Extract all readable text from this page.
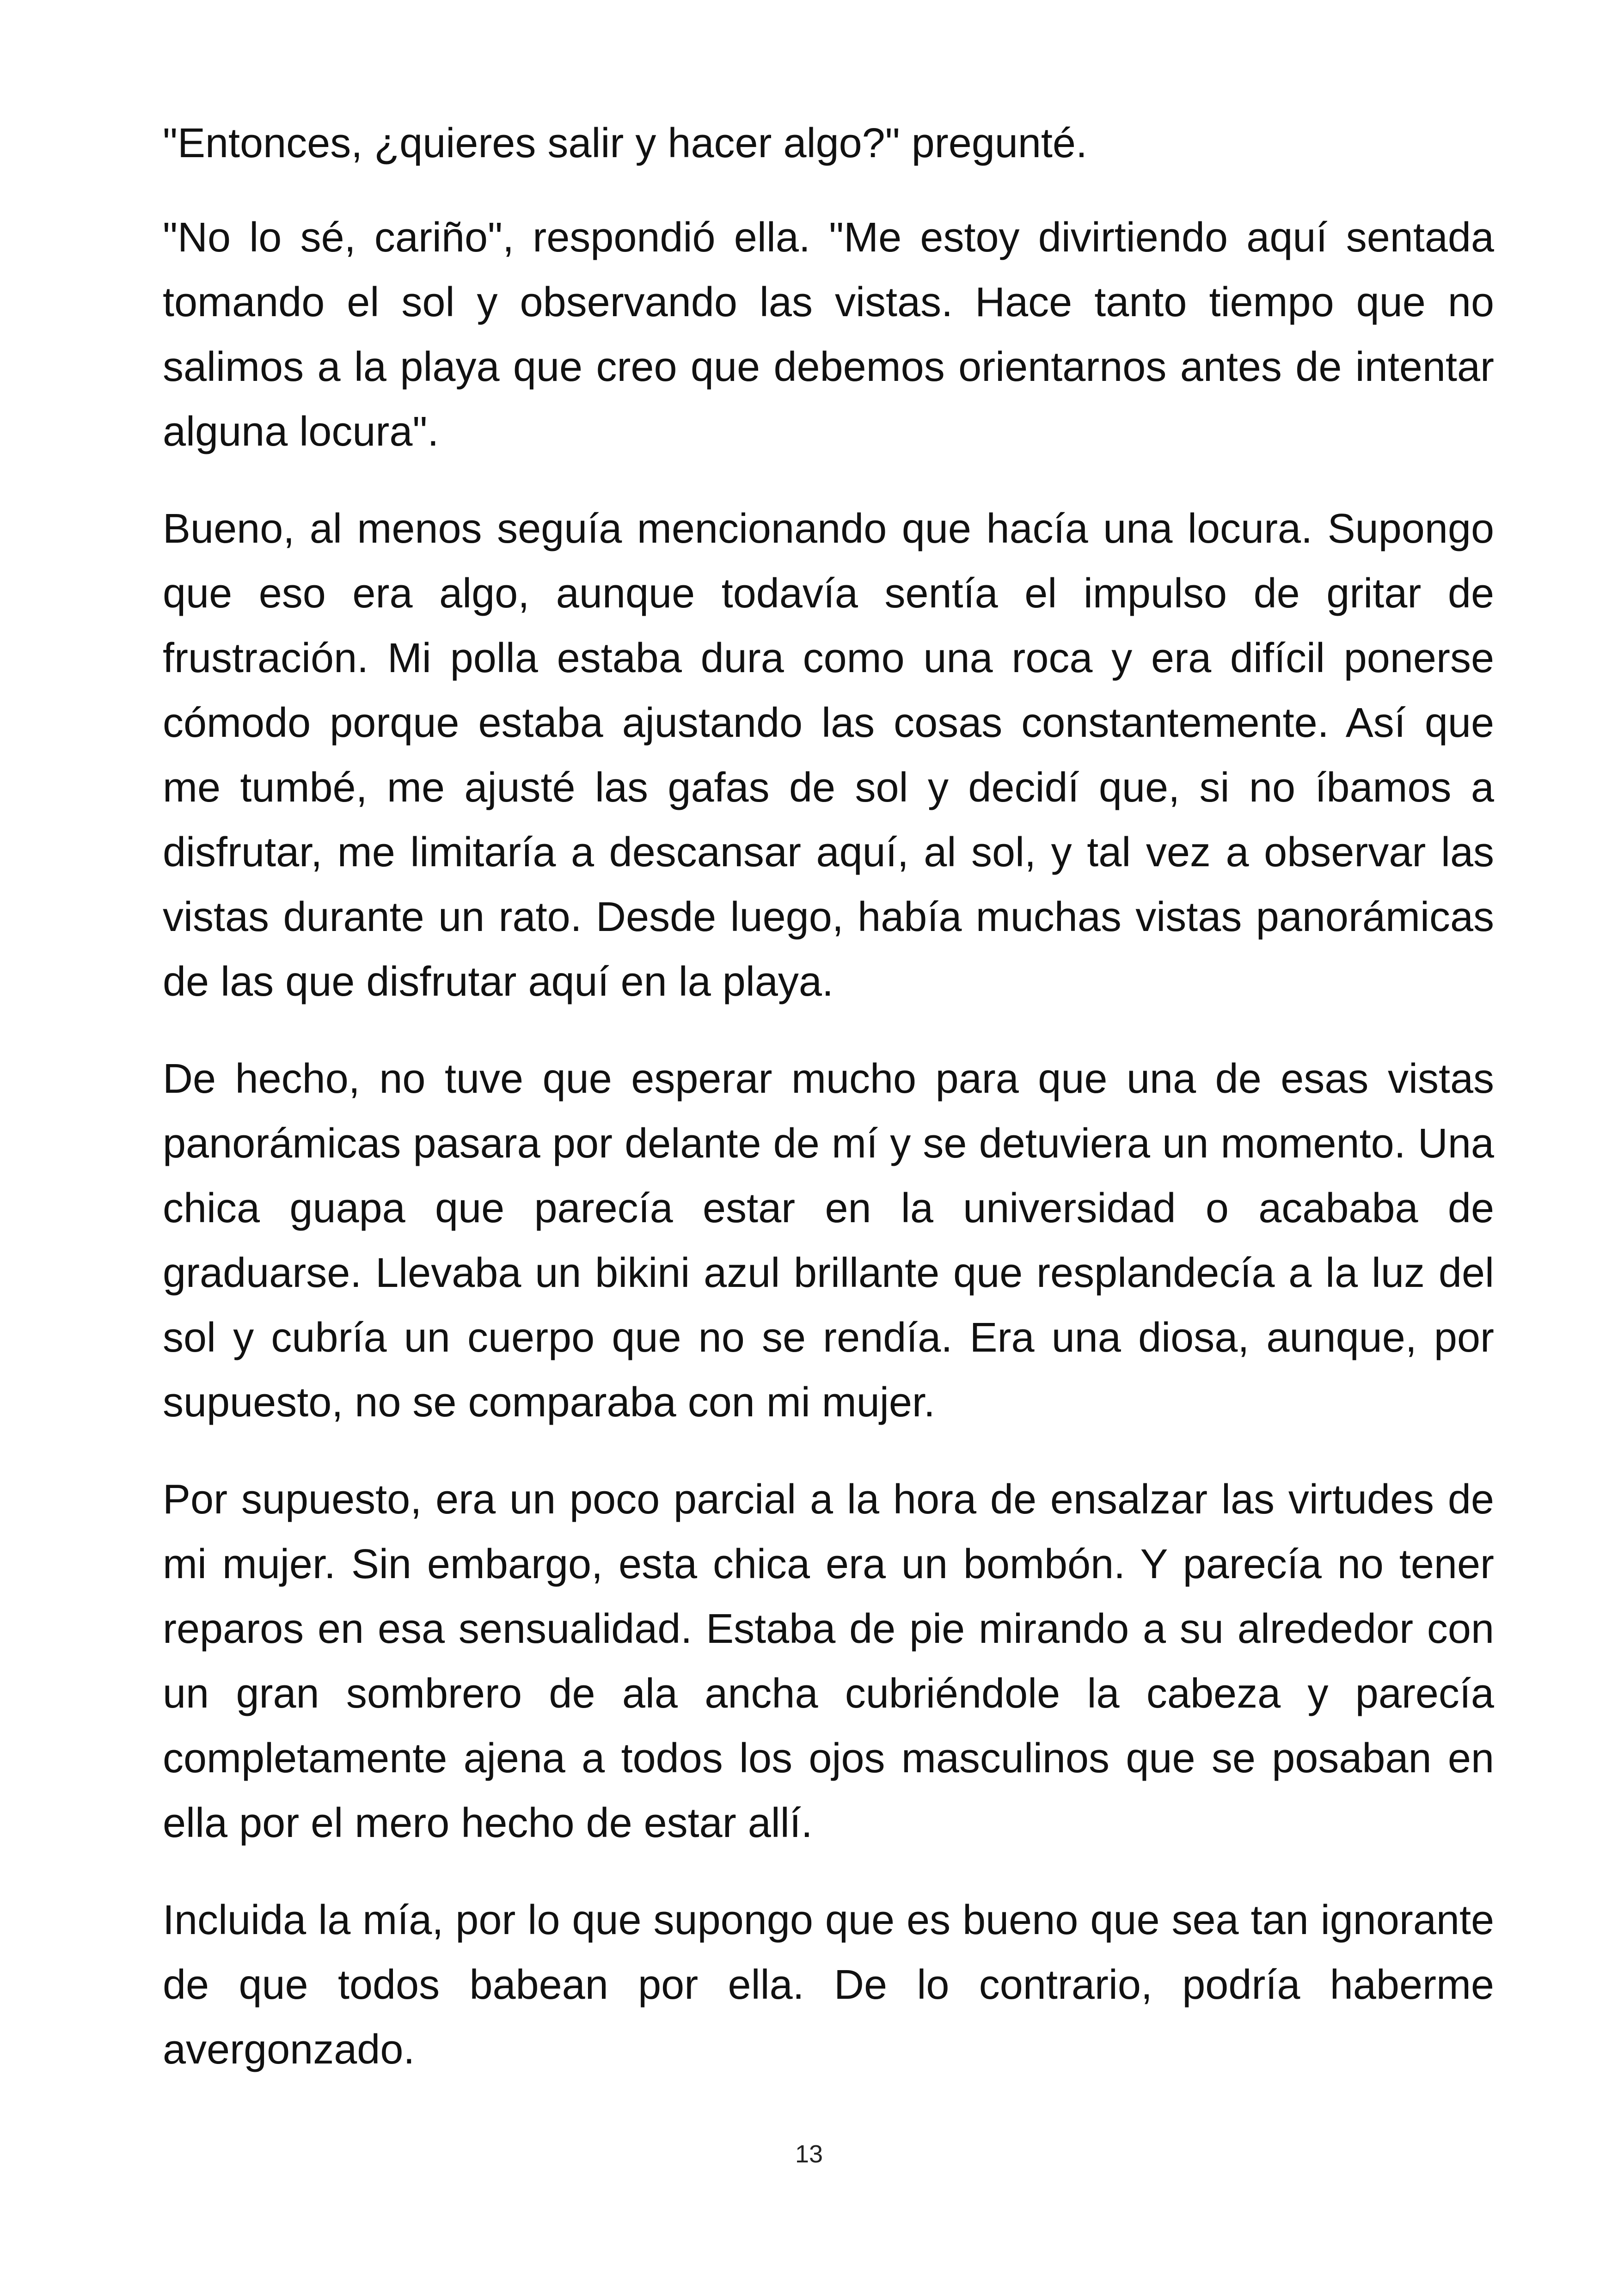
"Entonces, ¿quieres salir y hacer algo?" pregunté.

"No lo sé, cariño", respondió ella. "Me estoy divirtiendo aquí sentada tomando el sol y observando las vistas. Hace tanto tiempo que no salimos a la playa que creo que debemos orientarnos antes de intentar alguna locura".

Bueno, al menos seguía mencionando que hacía una locura. Supongo que eso era algo, aunque todavía sentía el impulso de gritar de frustración. Mi polla estaba dura como una roca y era difícil ponerse cómodo porque estaba ajustando las cosas constantemente. Así que me tumbé, me ajusté las gafas de sol y decidí que, si no íbamos a disfrutar, me limitaría a descansar aquí, al sol, y tal vez a observar las vistas durante un rato. Desde luego, había muchas vistas panorámicas de las que disfrutar aquí en la playa.

De hecho, no tuve que esperar mucho para que una de esas vistas panorámicas pasara por delante de mí y se detuviera un momento. Una chica guapa que parecía estar en la universidad o acababa de graduarse. Llevaba un bikini azul brillante que resplandecía a la luz del sol y cubría un cuerpo que no se rendía. Era una diosa, aunque, por supuesto, no se comparaba con mi mujer.

Por supuesto, era un poco parcial a la hora de ensalzar las virtudes de mi mujer. Sin embargo, esta chica era un bombón. Y parecía no tener reparos en esa sensualidad. Estaba de pie mirando a su alrededor con un gran sombrero de ala ancha cubriéndole la cabeza y parecía completamente ajena a todos los ojos masculinos que se posaban en ella por el mero hecho de estar allí.

Incluida la mía, por lo que supongo que es bueno que sea tan ignorante de que todos babean por ella. De lo contrario, podría haberme avergonzado.

13
